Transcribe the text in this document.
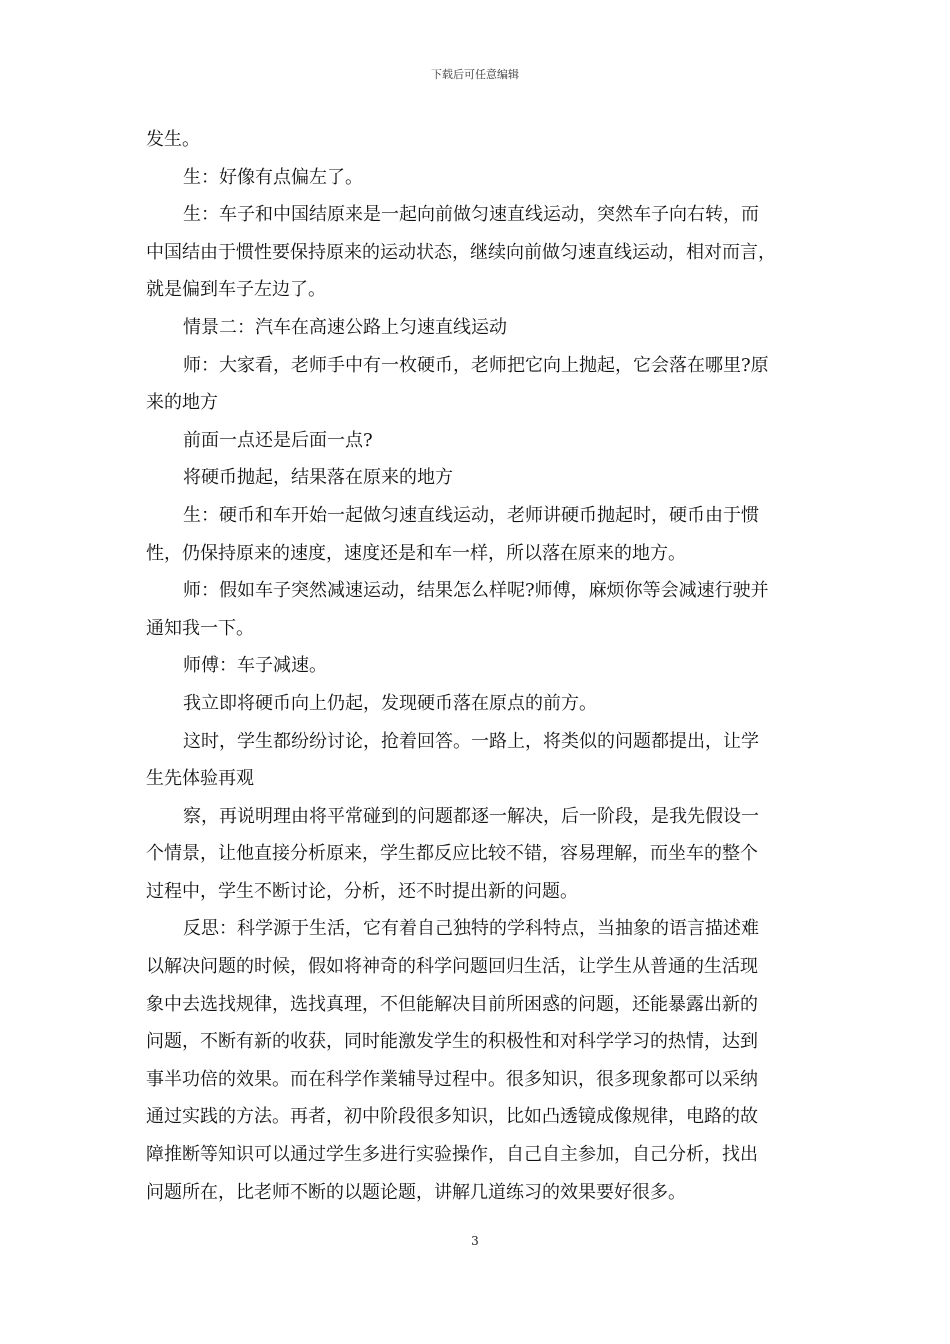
下载后可任意编辑
发生。
生：好像有点偏左了。
生：车子和中国结原来是一起向前做匀速直线运动，突然车子向右转，而
中国结由于惯性要保持原来的运动状态，继续向前做匀速直线运动，相对而言，
就是偏到车子左边了。
情景二：汽车在高速公路上匀速直线运动
师：大家看，老师手中有一枚硬币，老师把它向上抛起，它会落在哪里?原
来的地方
前面一点还是后面一点?
将硬币抛起，结果落在原来的地方
生：硬币和车开始一起做匀速直线运动，老师讲硬币抛起时，硬币由于惯
性，仍保持原来的速度，速度还是和车一样，所以落在原来的地方。
师：假如车子突然减速运动，结果怎么样呢?师傅，麻烦你等会减速行驶并
通知我一下。
师傅：车子减速。
我立即将硬币向上仍起，发现硬币落在原点的前方。
这时，学生都纷纷讨论，抢着回答。一路上，将类似的问题都提出，让学
生先体验再观
察，再说明理由将平常碰到的问题都逐一解决，后一阶段，是我先假设一
个情景，让他直接分析原来，学生都反应比较不错，容易理解，而坐车的整个
过程中，学生不断讨论，分析，还不时提出新的问题。
反思：科学源于生活，它有着自己独特的学科特点，当抽象的语言描述难
以解决问题的时候，假如将神奇的科学问题回归生活，让学生从普通的生活现
象中去选找规律，选找真理，不但能解决目前所困惑的问题，还能暴露出新的
问题，不断有新的收获，同时能激发学生的积极性和对科学学习的热情，达到
事半功倍的效果。而在科学作業辅导过程中。很多知识，很多现象都可以采纳
通过实践的方法。再者，初中阶段很多知识，比如凸透镜成像规律，电路的故
障推断等知识可以通过学生多进行实验操作，自己自主参加，自己分析，找出
问题所在，比老师不断的以题论题，讲解几道练习的效果要好很多。
3
